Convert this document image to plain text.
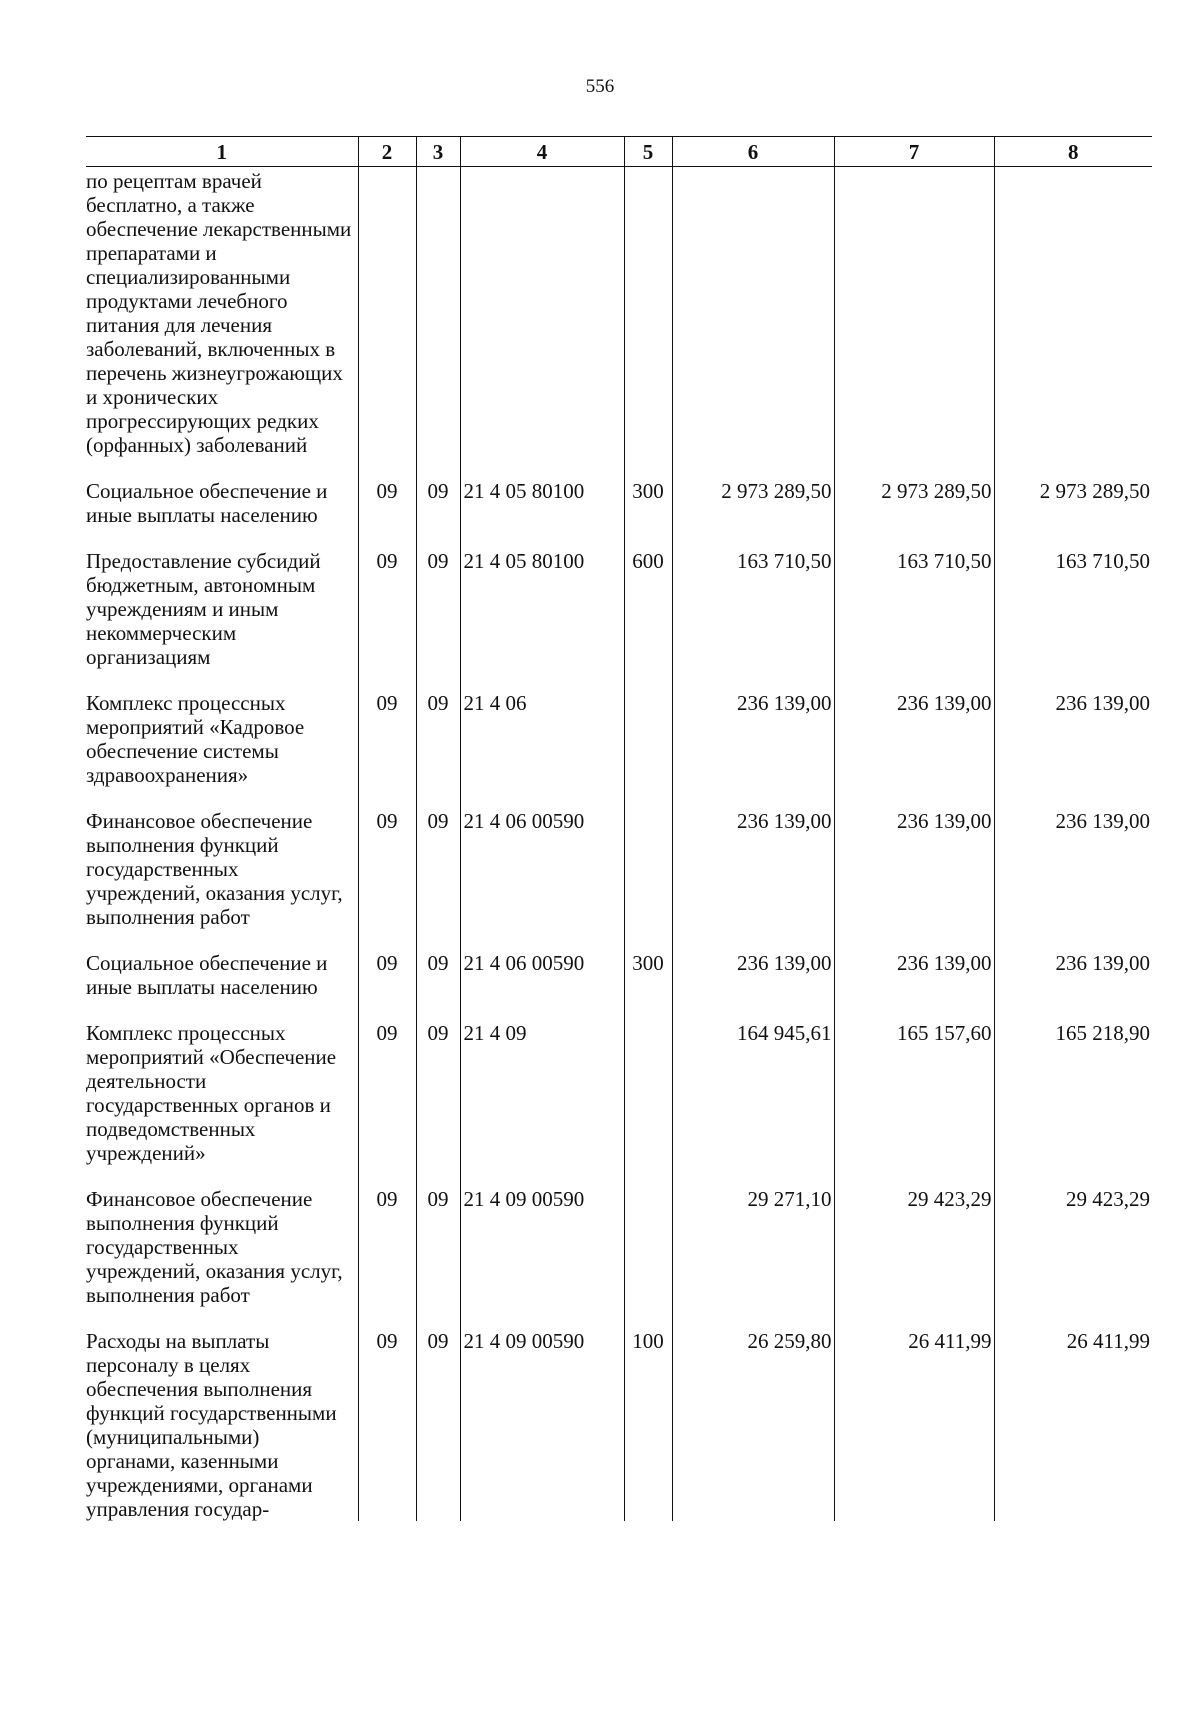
556
1	2	3	4	5	6	7	8
по рецептам врачей бесплатно, а также обеспечение лекарственными препаратами и специализированными продуктами лечебного питания для лечения заболеваний, включенных в перечень жизнеугрожающих и хронических прогрессирующих редких (орфанных) заболеваний							
Социальное обеспечение и иные выплаты населению	09	09	21 4 05 80100	300	2 973 289,50	2 973 289,50	2 973 289,50
Предоставление субсидий бюджетным, автономным учреждениям и иным некоммерческим организациям	09	09	21 4 05 80100	600	163 710,50	163 710,50	163 710,50
Комплекс процессных мероприятий «Кадровое обеспечение системы здравоохранения»	09	09	21 4 06		236 139,00	236 139,00	236 139,00
Финансовое обеспечение выполнения функций государственных учреждений, оказания услуг, выполнения работ	09	09	21 4 06 00590		236 139,00	236 139,00	236 139,00
Социальное обеспечение и иные выплаты населению	09	09	21 4 06 00590	300	236 139,00	236 139,00	236 139,00
Комплекс процессных мероприятий «Обеспечение деятельности государственных органов и подведомственных учреждений»	09	09	21 4 09		164 945,61	165 157,60	165 218,90
Финансовое обеспечение выполнения функций государственных учреждений, оказания услуг, выполнения работ	09	09	21 4 09 00590		29 271,10	29 423,29	29 423,29
Расходы на выплаты персоналу в целях обеспечения выполнения функций государственными (муниципальными) органами, казенными учреждениями, органами управления государ-	09	09	21 4 09 00590	100	26 259,80	26 411,99	26 411,99
